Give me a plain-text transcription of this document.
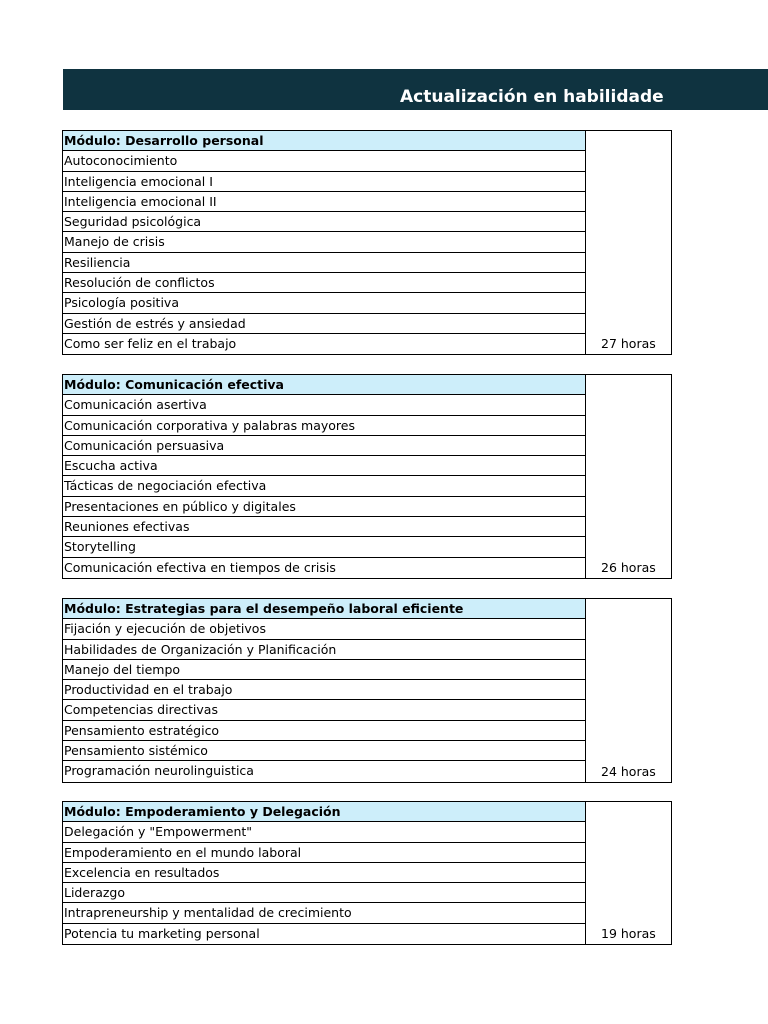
Actualización en habilidade
Módulo: Desarrollo personal
Autoconocimiento
Inteligencia emocional I
Inteligencia emocional II
Seguridad psicológica
Manejo de crisis
Resiliencia
Resolución de conflictos
Psicología positiva
Gestión de estrés y ansiedad
Como ser feliz en el trabajo	27 horas
Módulo: Comunicación efectiva
Comunicación asertiva
Comunicación corporativa y palabras mayores
Comunicación persuasiva
Escucha activa
Tácticas de negociación efectiva
Presentaciones en público y digitales
Reuniones efectivas
Storytelling
Comunicación efectiva en tiempos de crisis	26 horas
Módulo: Estrategias para el desempeño laboral eficiente
Fijación y ejecución de objetivos
Habilidades de Organización y Planificación
Manejo del tiempo
Productividad en el trabajo
Competencias directivas
Pensamiento estratégico
Pensamiento sistémico
Programación neurolinguistica	24 horas
Módulo: Empoderamiento y Delegación
Delegación y "Empowerment"
Empoderamiento en el mundo laboral
Excelencia en resultados
Liderazgo
Intrapreneurship y mentalidad de crecimiento
Potencia tu marketing personal	19 horas
